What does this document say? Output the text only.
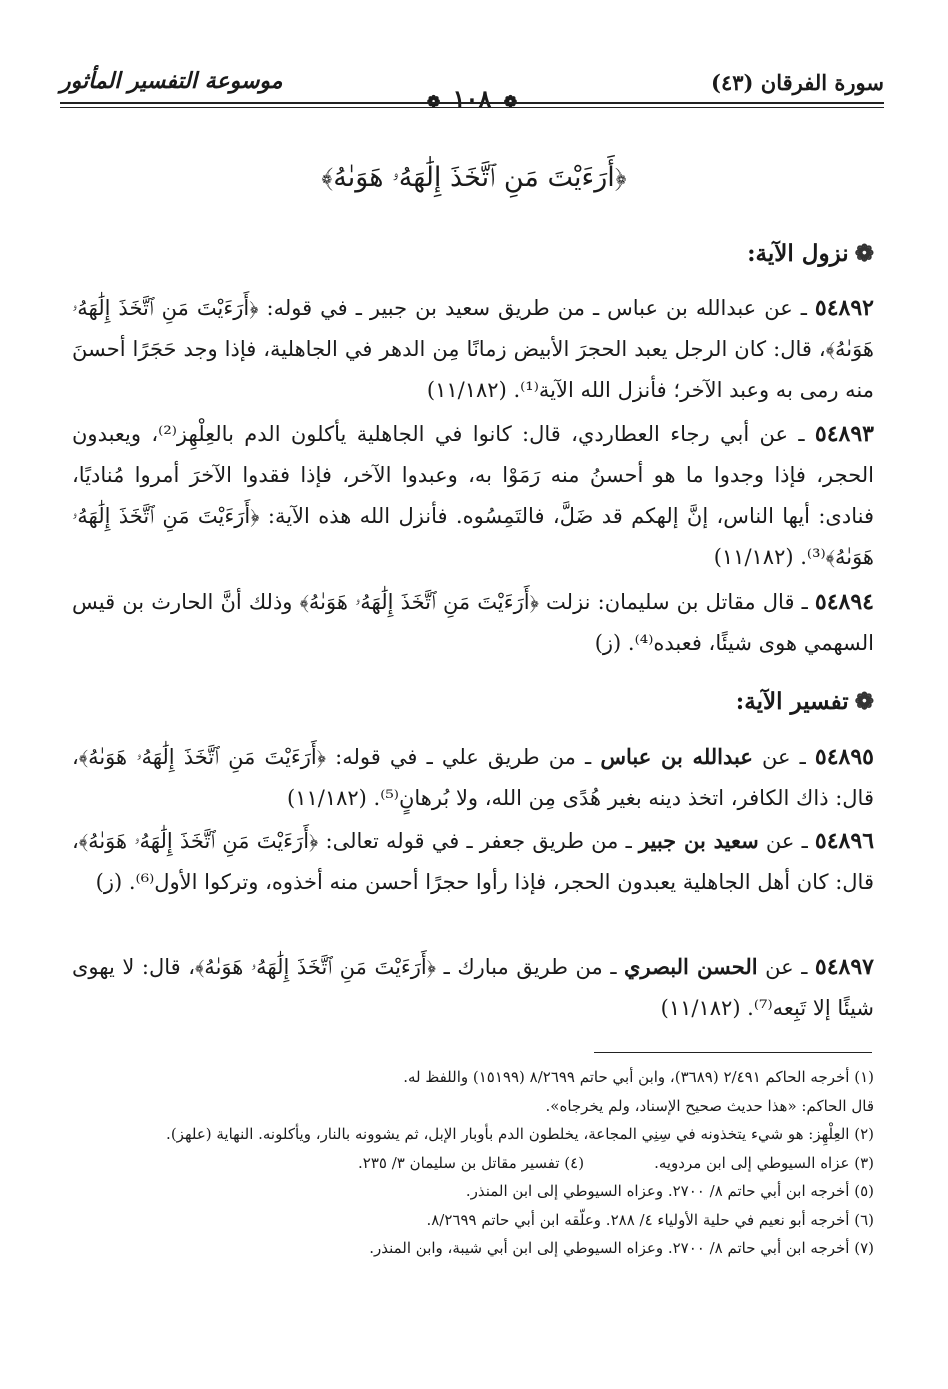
سورة الفرقان (٤٣)
❁ ١٠٨ ❁
موسوعة التفسير المأثور
﴿أَرَءَيْتَ مَنِ ٱتَّخَذَ إِلَٰهَهُۥ هَوَىٰهُ﴾
❁نزول الآية:
٥٤٨٩٢ ـ عن عبدالله بن عباس ـ من طريق سعيد بن جبير ـ في قوله: ﴿أَرَءَيْتَ مَنِ ٱتَّخَذَ إِلَٰهَهُۥ هَوَىٰهُ﴾، قال: كان الرجل يعبد الحجرَ الأبيض زمانًا مِن الدهر في الجاهلية، فإذا وجد حَجَرًا أحسنَ منه رمى به وعبد الآخر؛ فأنزل الله الآية⁽¹⁾. (١١/١٨٢)
٥٤٨٩٣ ـ عن أبي رجاء العطاردي، قال: كانوا في الجاهلية يأكلون الدم بالعِلْهِز⁽²⁾، ويعبدون الحجر، فإذا وجدوا ما هو أحسنُ منه رَمَوْا به، وعبدوا الآخر، فإذا فقدوا الآخرَ أمروا مُناديًا، فنادى: أيها الناس، إنَّ إلهكم قد ضَلَّ، فالتَمِسُوه. فأنزل الله هذه الآية: ﴿أَرَءَيْتَ مَنِ ٱتَّخَذَ إِلَٰهَهُۥ هَوَىٰهُ﴾⁽³⁾. (١١/١٨٢)
٥٤٨٩٤ ـ قال مقاتل بن سليمان: نزلت ﴿أَرَءَيْتَ مَنِ ٱتَّخَذَ إِلَٰهَهُۥ هَوَىٰهُ﴾ وذلك أنَّ الحارث بن قيس السهمي هوى شيئًا، فعبده⁽⁴⁾. (ز)
❁تفسير الآية:
٥٤٨٩٥ ـ عن عبدالله بن عباس ـ من طريق علي ـ في قوله: ﴿أَرَءَيْتَ مَنِ ٱتَّخَذَ إِلَٰهَهُۥ هَوَىٰهُ﴾، قال: ذاك الكافر، اتخذ دينه بغير هُدًى مِن الله، ولا بُرهانٍ⁽⁵⁾. (١١/١٨٢)
٥٤٨٩٦ ـ عن سعيد بن جبير ـ من طريق جعفر ـ في قوله تعالى: ﴿أَرَءَيْتَ مَنِ ٱتَّخَذَ إِلَٰهَهُۥ هَوَىٰهُ﴾، قال: كان أهل الجاهلية يعبدون الحجر، فإذا رأوا حجرًا أحسن منه أخذوه، وتركوا الأول⁽⁶⁾. (ز)
٥٤٨٩٧ ـ عن الحسن البصري ـ من طريق مبارك ـ ﴿أَرَءَيْتَ مَنِ ٱتَّخَذَ إِلَٰهَهُۥ هَوَىٰهُ﴾، قال: لا يهوى شيئًا إلا تَبِعه⁽⁷⁾. (١١/١٨٢)
(١) أخرجه الحاكم ٢/٤٩١ (٣٦٨٩)، وابن أبي حاتم ٨/٢٦٩٩ (١٥١٩٩) واللفظ له.
قال الحاكم: «هذا حديث صحيح الإسناد، ولم يخرجاه».
(٢) العِلْهِز: هو شيء يتخذونه في سِنِي المجاعة، يخلطون الدم بأوبار الإبل، ثم يشوونه بالنار، ويأكلونه. النهاية (علهز).
(٣) عزاه السيوطي إلى ابن مردويه.
(٤) تفسير مقاتل بن سليمان ٣/ ٢٣٥.
(٥) أخرجه ابن أبي حاتم ٨/ ٢٧٠٠. وعزاه السيوطي إلى ابن المنذر.
(٦) أخرجه أبو نعيم في حلية الأولياء ٤/ ٢٨٨. وعلّقه ابن أبي حاتم ٨/٢٦٩٩.
(٧) أخرجه ابن أبي حاتم ٨/ ٢٧٠٠. وعزاه السيوطي إلى ابن أبي شيبة، وابن المنذر.
